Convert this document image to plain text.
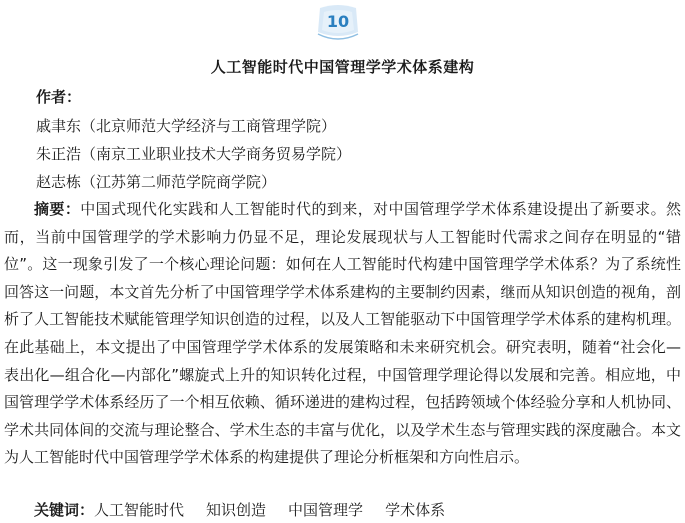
10
人工智能时代中国管理学学术体系建构
作者：
戚聿东（北京师范大学经济与工商管理学院）
朱正浩（南京工业职业技术大学商务贸易学院）
赵志栋（江苏第二师范学院商学院）

摘要：中国式现代化实践和人工智能时代的到来，对中国管理学学术体系建设提出了新要求。然而，当前中国管理学的学术影响力仍显不足，理论发展现状与人工智能时代需求之间存在明显的“错位”。这一现象引发了一个核心理论问题：如何在人工智能时代构建中国管理学学术体系？为了系统性回答这一问题，本文首先分析了中国管理学学术体系建构的主要制约因素，继而从知识创造的视角，剖析了人工智能技术赋能管理学知识创造的过程，以及人工智能驱动下中国管理学学术体系的建构机理。在此基础上，本文提出了中国管理学学术体系的发展策略和未来研究机会。研究表明，随着“社会化—表出化—组合化—内部化”螺旋式上升的知识转化过程，中国管理学理论得以发展和完善。相应地，中国管理学学术体系经历了一个相互依赖、循环递进的建构过程，包括跨领域个体经验分享和人机协同、学术共同体间的交流与理论整合、学术生态的丰富与优化，以及学术生态与管理实践的深度融合。本文为人工智能时代中国管理学学术体系的构建提供了理论分析框架和方向性启示。

关键词：人工智能时代 知识创造 中国管理学 学术体系
